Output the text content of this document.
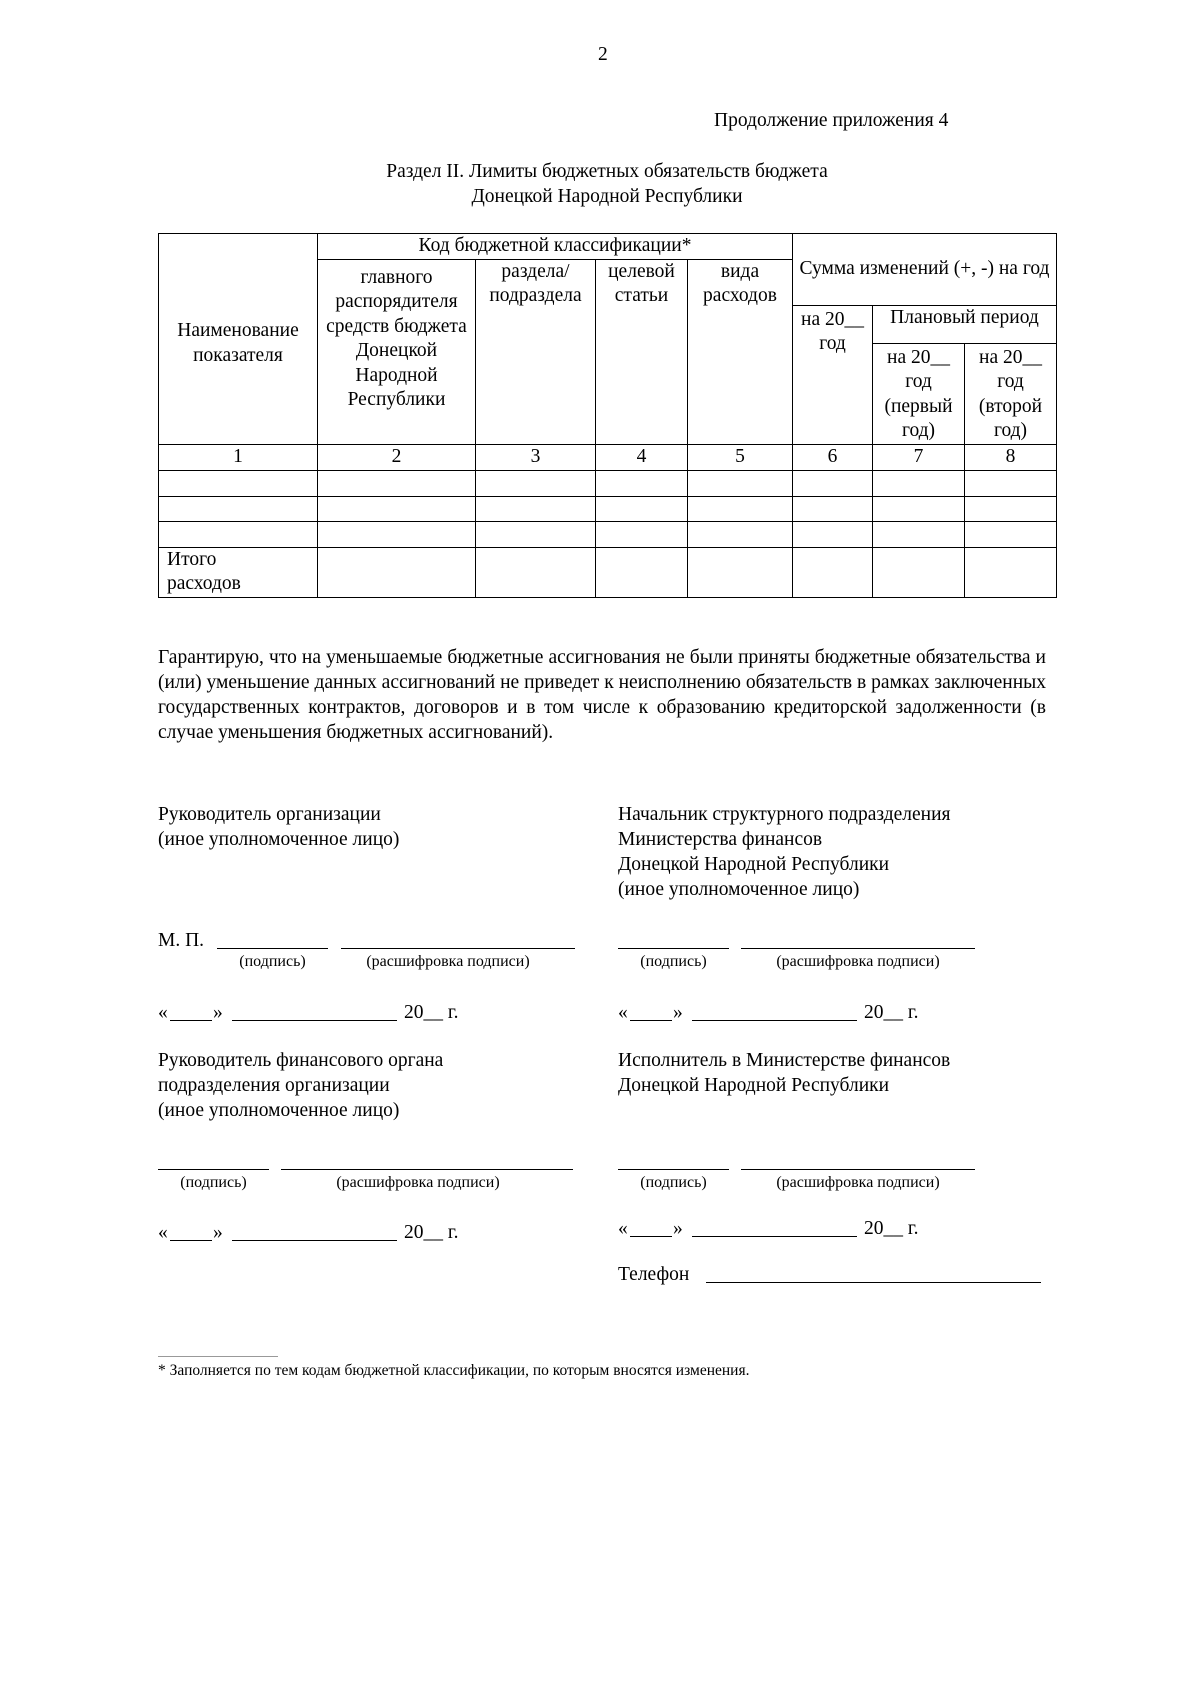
2
Продолжение приложения 4
Раздел II. Лимиты бюджетных обязательств бюджета
Донецкой Народной Республики
Наименование показателя	Код бюджетной классификации*				Сумма изменений (+, -) на год		
	главного распорядителя средств бюджета Донецкой Народной Республики	раздела/ подраздела	целевой статьи	вида расходов			
					на 20__ год	Плановый период	
						на 20__ год (первый год)	на 20__ год (второй год)
1	2	3	4	5	6	7	8

Итого расходов							
Гарантирую, что на уменьшаемые бюджетные ассигнования не были приняты бюджетные обязательства и (или) уменьшение данных ассигнований не приведет к неисполнению обязательств в рамках заключенных государственных контрактов, договоров и в том числе к образованию кредиторской задолженности (в случае уменьшения бюджетных ассигнований).
Руководитель организации
(иное уполномоченное лицо)
Начальник структурного подразделения
Министерства финансов
Донецкой Народной Республики
(иное уполномоченное лицо)
М. П.
(подпись)	(расшифровка подписи)	(подпись)	(расшифровка подписи)
« »	20__ г.	« »	20__ г.
Руководитель финансового органа
подразделения организации
(иное уполномоченное лицо)
Исполнитель в Министерстве финансов
Донецкой Народной Республики
(подпись)	(расшифровка подписи)	(подпись)	(расшифровка подписи)
« »	20__ г.	« »	20__ г.
Телефон
* Заполняется по тем кодам бюджетной классификации, по которым вносятся изменения.
